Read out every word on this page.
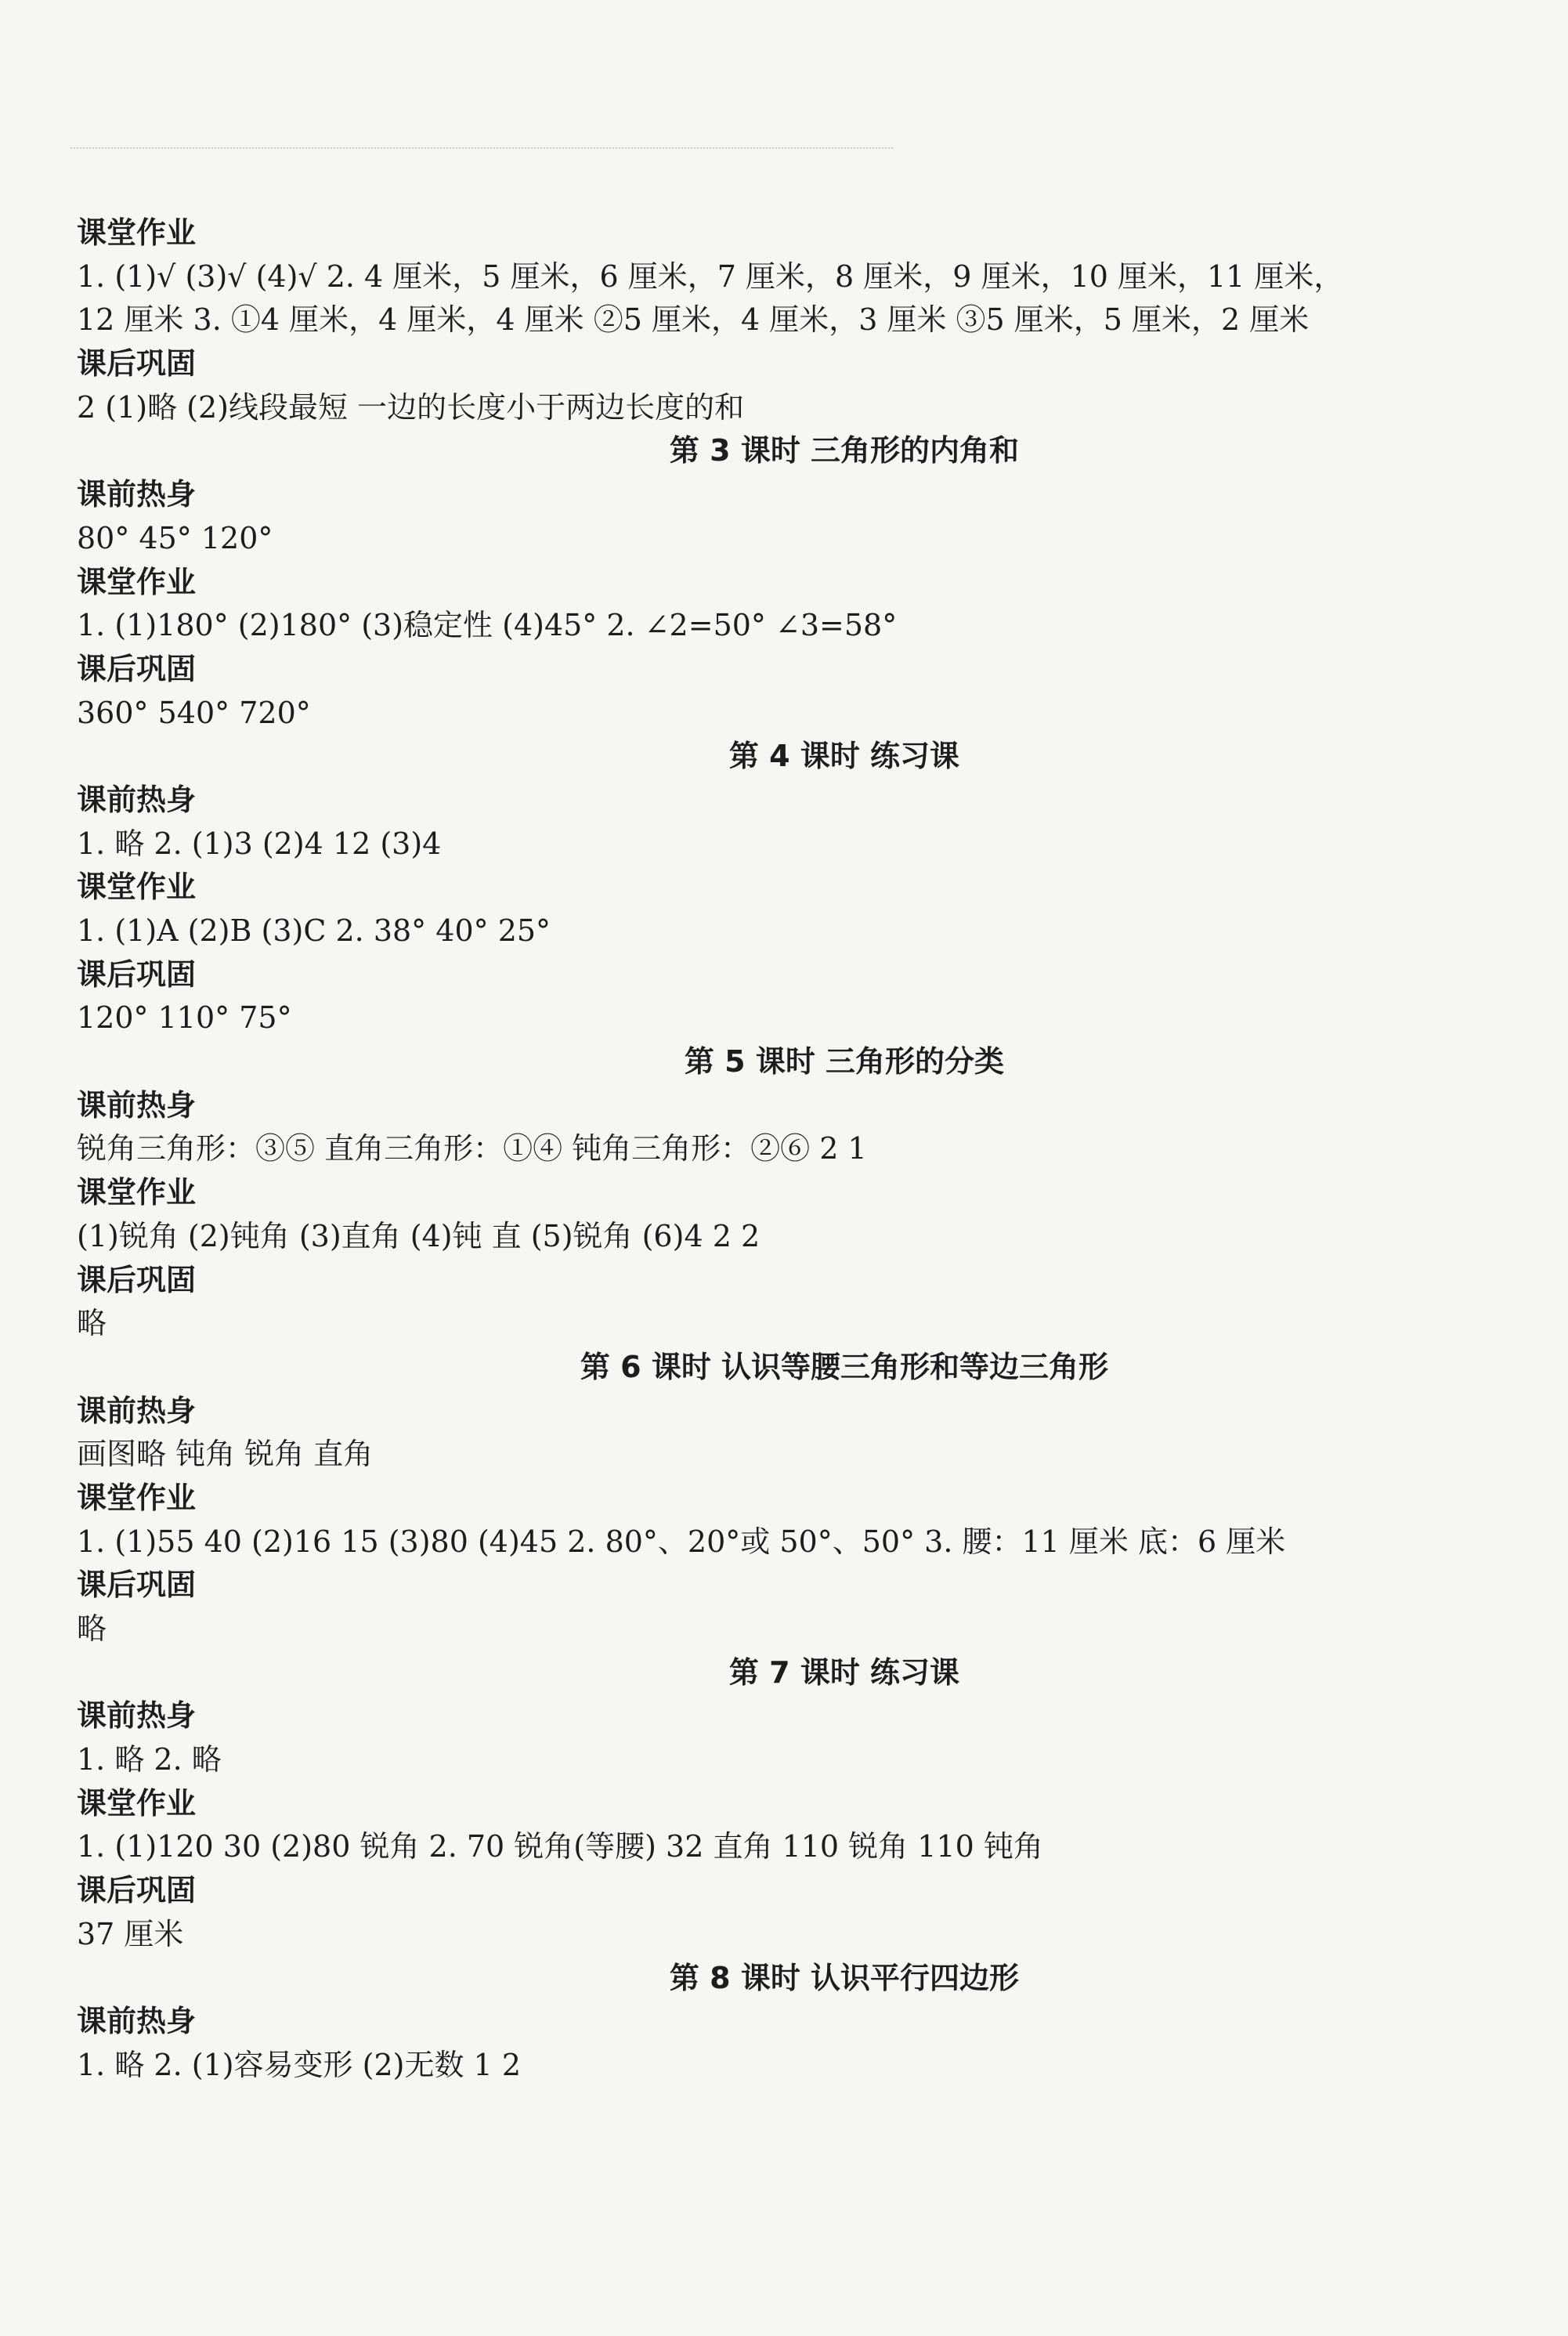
课堂作业
1. (1)√ (3)√ (4)√ 2. 4 厘米，5 厘米，6 厘米，7 厘米，8 厘米，9 厘米，10 厘米，11 厘米，
12 厘米 3. ①4 厘米，4 厘米，4 厘米 ②5 厘米，4 厘米，3 厘米 ③5 厘米，5 厘米，2 厘米
课后巩固
2 (1)略 (2)线段最短 一边的长度小于两边长度的和
第 3 课时 三角形的内角和
课前热身
80° 45° 120°
课堂作业
1. (1)180° (2)180° (3)稳定性 (4)45° 2. ∠2=50° ∠3=58°
课后巩固
360° 540° 720°
第 4 课时 练习课
课前热身
1. 略 2. (1)3 (2)4 12 (3)4
课堂作业
1. (1)A (2)B (3)C 2. 38° 40° 25°
课后巩固
120° 110° 75°
第 5 课时 三角形的分类
课前热身
锐角三角形：③⑤ 直角三角形：①④ 钝角三角形：②⑥ 2 1
课堂作业
(1)锐角 (2)钝角 (3)直角 (4)钝 直 (5)锐角 (6)4 2 2
课后巩固
略
第 6 课时 认识等腰三角形和等边三角形
课前热身
画图略 钝角 锐角 直角
课堂作业
1. (1)55 40 (2)16 15 (3)80 (4)45 2. 80°、20°或 50°、50° 3. 腰：11 厘米 底：6 厘米
课后巩固
略
第 7 课时 练习课
课前热身
1. 略 2. 略
课堂作业
1. (1)120 30 (2)80 锐角 2. 70 锐角(等腰) 32 直角 110 锐角 110 钝角
课后巩固
37 厘米
第 8 课时 认识平行四边形
课前热身
1. 略 2. (1)容易变形 (2)无数 1 2
